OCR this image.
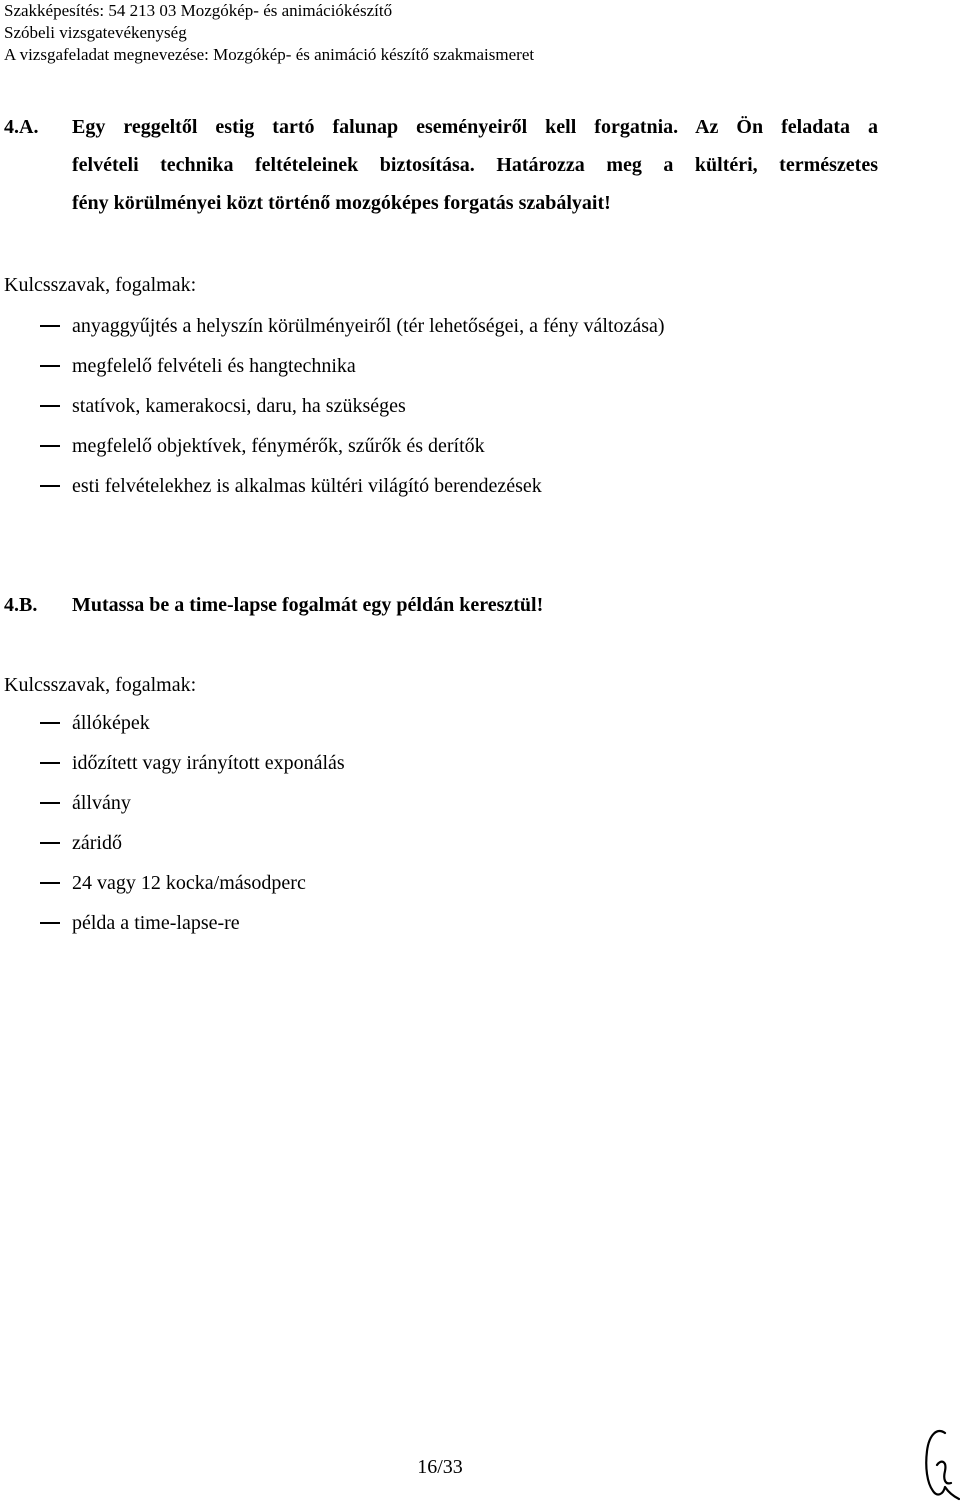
Szakképesítés: 54 213 03 Mozgókép- és animációkészítő
Szóbeli vizsgatevékenység
A vizsgafeladat megnevezése: Mozgókép- és animáció készítő szakmaismeret
4.A.	Egy reggeltől estig tartó falunap eseményeiről kell forgatnia. Az Ön feladata a
felvételi technika feltételeinek biztosítása. Határozza meg a kültéri, természetes
fény körülményei közt történő mozgóképes forgatás szabályait!
Kulcsszavak, fogalmak:
anyaggyűjtés a helyszín körülményeiről (tér lehetőségei, a fény változása)
megfelelő felvételi és hangtechnika
statívok, kamerakocsi, daru, ha szükséges
megfelelő objektívek, fénymérők, szűrők és derítők
esti felvételekhez is alkalmas kültéri világító berendezések
4.B.	Mutassa be a time-lapse fogalmát egy példán keresztül!
Kulcsszavak, fogalmak:
állóképek
időzített vagy irányított exponálás
állvány
záridő
24 vagy 12 kocka/másodperc
példa a time-lapse-re
16/33
